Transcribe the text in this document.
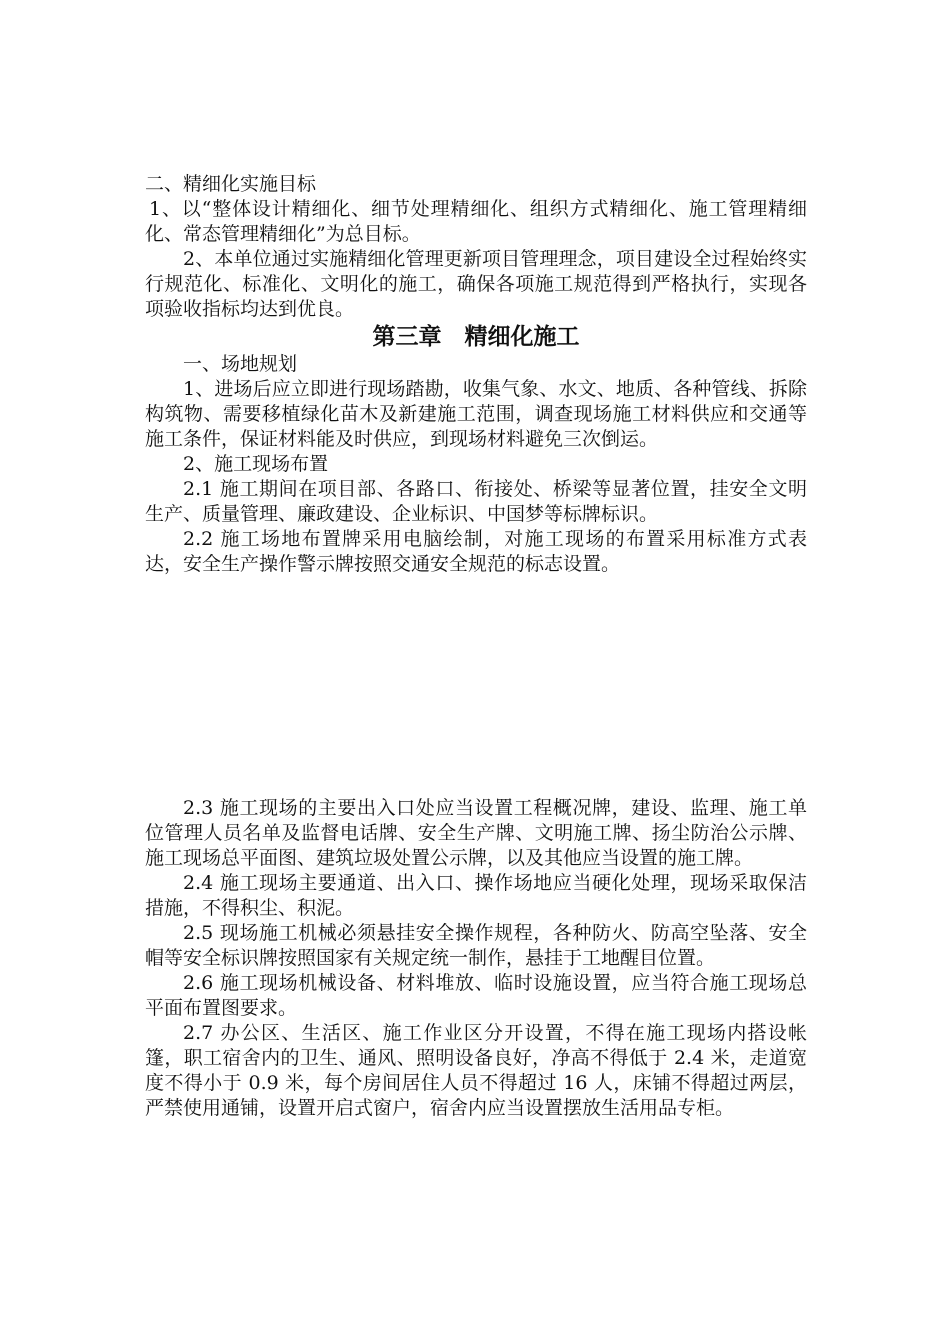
二、精细化实施目标

1、以“整体设计精细化、细节处理精细化、组织方式精细化、施工管理精细化、常态管理精细化”为总目标。

2、本单位通过实施精细化管理更新项目管理理念，项目建设全过程始终实行规范化、标准化、文明化的施工，确保各项施工规范得到严格执行，实现各项验收指标均达到优良。

第三章　精细化施工

一、场地规划

1、进场后应立即进行现场踏勘，收集气象、水文、地质、各种管线、拆除构筑物、需要移植绿化苗木及新建施工范围，调查现场施工材料供应和交通等施工条件，保证材料能及时供应，到现场材料避免三次倒运。

2、施工现场布置

2.1 施工期间在项目部、各路口、衔接处、桥梁等显著位置，挂安全文明生产、质量管理、廉政建设、企业标识、中国梦等标牌标识。

2.2 施工场地布置牌采用电脑绘制，对施工现场的布置采用标准方式表达，安全生产操作警示牌按照交通安全规范的标志设置。

2.3 施工现场的主要出入口处应当设置工程概况牌，建设、监理、施工单位管理人员名单及监督电话牌、安全生产牌、文明施工牌、扬尘防治公示牌、施工现场总平面图、建筑垃圾处置公示牌，以及其他应当设置的施工牌。

2.4 施工现场主要通道、出入口、操作场地应当硬化处理，现场采取保洁措施，不得积尘、积泥。

2.5 现场施工机械必须悬挂安全操作规程，各种防火、防高空坠落、安全帽等安全标识牌按照国家有关规定统一制作，悬挂于工地醒目位置。

2.6 施工现场机械设备、材料堆放、临时设施设置，应当符合施工现场总平面布置图要求。

2.7 办公区、生活区、施工作业区分开设置，不得在施工现场内搭设帐篷，职工宿舍内的卫生、通风、照明设备良好，净高不得低于 2.4 米，走道宽度不得小于 0.9 米，每个房间居住人员不得超过 16 人，床铺不得超过两层，严禁使用通铺，设置开启式窗户，宿舍内应当设置摆放生活用品专柜。
